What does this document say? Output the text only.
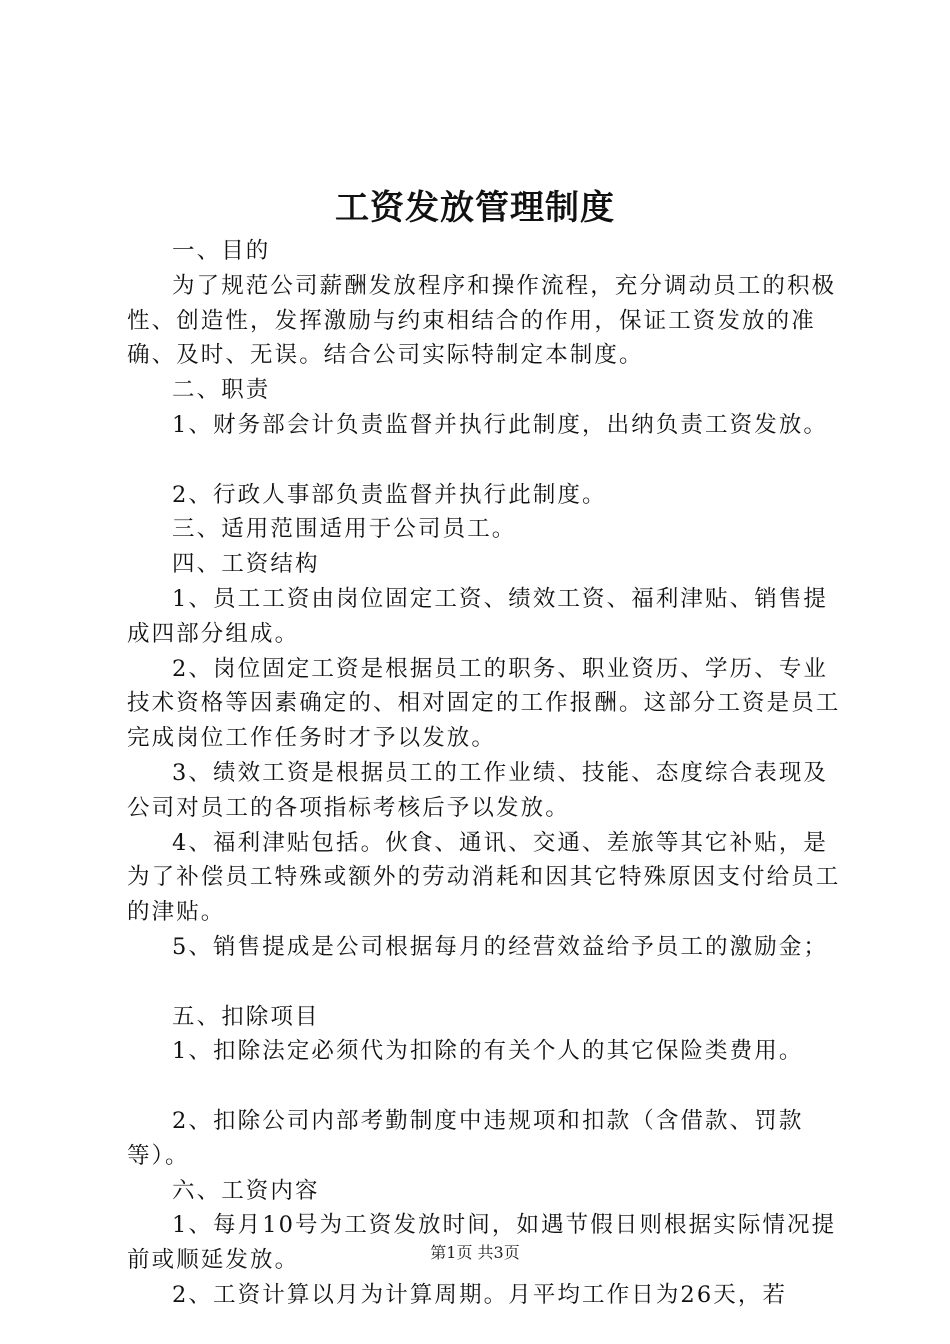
工资发放管理制度

一、目的

为了规范公司薪酬发放程序和操作流程，充分调动员工的积极性、创造性，发挥激励与约束相结合的作用，保证工资发放的准确、及时、无误。结合公司实际特制定本制度。

二、职责

1、财务部会计负责监督并执行此制度，出纳负责工资发放。

2、行政人事部负责监督并执行此制度。

三、适用范围适用于公司员工。

四、工资结构

1、员工工资由岗位固定工资、绩效工资、福利津贴、销售提成四部分组成。

2、岗位固定工资是根据员工的职务、职业资历、学历、专业技术资格等因素确定的、相对固定的工作报酬。这部分工资是员工完成岗位工作任务时才予以发放。

3、绩效工资是根据员工的工作业绩、技能、态度综合表现及公司对员工的各项指标考核后予以发放。

4、福利津贴包括。伙食、通讯、交通、差旅等其它补贴，是为了补偿员工特殊或额外的劳动消耗和因其它特殊原因支付给员工的津贴。

5、销售提成是公司根据每月的经营效益给予员工的激励金；

五、扣除项目

1、扣除法定必须代为扣除的有关个人的其它保险类费用。

2、扣除公司内部考勤制度中违规项和扣款（含借款、罚款等）。

六、工资内容

1、每月10号为工资发放时间，如遇节假日则根据实际情况提前或顺延发放。

2、工资计算以月为计算周期。月平均工作日为26天，若

第1页 共3页
